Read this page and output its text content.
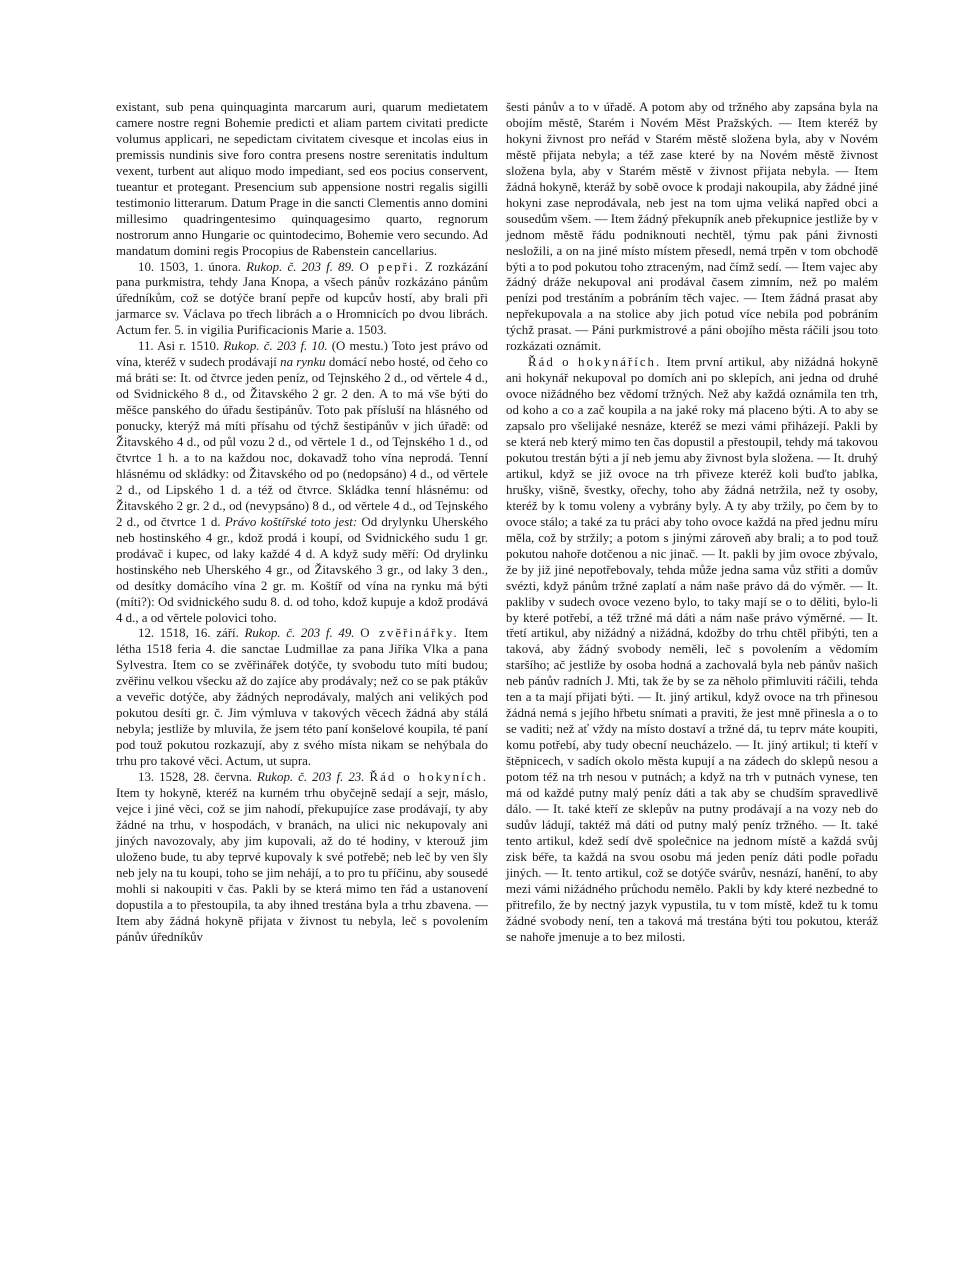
existant, sub pena quinquaginta marcarum auri, quarum medietatem camere nostre regni Bohemie predicti et aliam partem civitati predicte volumus applicari, ne sepedictam civitatem civesque et incolas eius in premissis nundinis sive foro contra presens nostre serenitatis indultum vexent, turbent aut aliquo modo impediant, sed eos pocius conservent, tueantur et protegant. Presencium sub appensione nostri regalis sigilli testimonio litterarum. Datum Prage in die sancti Clementis anno domini millesimo quadringentesimo quinquagesimo quarto, regnorum nostrorum anno Hungarie oc quintodecimo, Bohemie vero secundo. Ad mandatum domini regis Procopius de Rabenstein cancellarius.

10. 1503, 1. února. Rukop. č. 203 f. 89. O pepři. Z rozkázání pana purkmistra, tehdy Jana Knopa, a všech pánův rozkázáno pánům úředníkům, což se dotýče braní pepře od kupcův hostí, aby brali při jarmarce sv. Václava po třech librách a o Hromnicích po dvou librách. Actum fer. 5. in vigilia Purificacionis Marie a. 1503.

11. Asi r. 1510. Rukop. č. 203 f. 10. (O mestu.) Toto jest právo od vína, kteréž v sudech prodávají na rynku domácí nebo hosté, od čeho co má bráti se: It. od čtvrce jeden peníz, od Tejnského 2 d., od věrtele 4 d., od Svidnického 8 d., od Žitavského 2 gr. 2 den. A to má vše býti do měšce panského do úřadu šestipánův. Toto pak přísluší na hlásného od ponucky, kterýž má míti přísahu od týchž šestipánův v jich úřadě: od Žitavského 4 d., od půl vozu 2 d., od věrtele 1 d., od Tejnského 1 d., od čtvrtce 1 h. a to na každou noc, dokavadž toho vína neprodá. Tenní hlásnému od skládky: od Žitavského od po (nedopsáno) 4 d., od věrtele 2 d., od Lipského 1 d. a též od čtvrce. Skládka tenní hlásnému: od Žitavského 2 gr. 2 d., od (nevypsáno) 8 d., od věrtele 4 d., od Tejnského 2 d., od čtvrtce 1 d. Právo koštířské toto jest: Od drylynku Uherského neb hostinského 4 gr., kdož prodá i koupí, od Svidnického sudu 1 gr. prodávač i kupec, od laky každé 4 d. A když sudy měří: Od drylinku hostinského neb Uherského 4 gr., od Žitavského 3 gr., od laky 3 den., od desítky domácího vína 2 gr. m. Koštíř od vína na rynku má býti (míti?): Od svidnického sudu 8. d. od toho, kdož kupuje a kdož prodává 4 d., a od věrtele polovici toho.

12. 1518, 16. září. Rukop. č. 203 f. 49. O zvěřinářky. Item létha 1518 feria 4. die sanctae Ludmillae za pana Jiříka Vlka a pana Sylvestra. Item co se zvěřinářek dotýče, ty svobodu tuto míti budou; zvěřinu velkou všecku až do zajíce aby prodávaly; než co se pak ptákův a veveřic dotýče, aby žádných neprodávaly, malých ani velikých pod pokutou desíti gr. č. Jim výmluva v takových věcech žádná aby stálá nebyla; jestliže by mluvila, že jsem této paní konšelové koupila, té paní pod touž pokutou rozkazují, aby z svého místa nikam se nehýbala do trhu pro takové věci. Actum, ut supra.

13. 1528, 28. června. Rukop. č. 203 f. 23. Řád o hokyních. Item ty hokyně, kteréž na kurném trhu obyčejně sedají a sejr, máslo, vejce i jiné věci, což se jim nahodí, překupujíce zase prodávají, ty aby žádné na trhu, v hospodách, v branách, na ulici nic nekupovaly ani jiných navozovaly, aby jim kupovali, až do té hodiny, v kterouž jim uloženo bude, tu aby teprvé kupovaly k své potřebě; neb leč by ven šly neb jely na tu koupi, toho se jim nehájí, a to pro tu příčinu, aby sousedé mohli si nakoupiti v čas. Pakli by se která mimo ten řád a ustanovení dopustila a to přestoupila, ta aby ihned trestána byla a trhu zbavena. — Item aby žádná hokyně přijata v živnost tu nebyla, leč s povolením pánův úředníkův

šesti pánův a to v úřadě. A potom aby od tržného aby zapsána byla na obojím městě, Starém i Novém Měst Pražských. — Item kteréž by hokyni živnost pro neřád v Starém městě složena byla, aby v Novém městě přijata nebyla; a též zase které by na Novém městě živnost složena byla, aby v Starém městě v živnost přijata nebyla. — Item žádná hokyně, kteráž by sobě ovoce k prodaji nakoupila, aby žádné jiné hokyni zase neprodávala, neb jest na tom ujma veliká napřed obci a sousedům všem. — Item žádný překupník aneb překupnice jestliže by v jednom městě řádu podniknouti nechtěl, týmu pak páni živnosti nesložili, a on na jiné místo místem přesedl, nemá trpěn v tom obchodě býti a to pod pokutou toho ztraceným, nad čímž sedí. — Item vajec aby žádný dráže nekupoval ani prodával časem zimním, než po malém penízi pod trestáním a pobráním těch vajec. — Item žádná prasat aby nepřekupovala a na stolice aby jich potud více nebila pod pobráním týchž prasat. — Páni purkmistrové a páni obojího města ráčili jsou toto rozkázati oznámit.

Řád o hokynářích. Item první artikul, aby nižádná hokyně ani hokynář nekupoval po domích ani po sklepích, ani jedna od druhé ovoce nižádného bez vědomí tržných. Než aby každá oznámila ten trh, od koho a co a zač koupila a na jaké roky má placeno býti. A to aby se zapsalo pro všelijaké nesnáze, kteréž se mezi vámi přiházejí. Pakli by se která neb který mimo ten čas dopustil a přestoupil, tehdy má takovou pokutou trestán býti a jí neb jemu aby živnost byla složena. — It. druhý artikul, když se již ovoce na trh přiveze kteréž koli buďto jablka, hrušky, višně, švestky, ořechy, toho aby žádná netržila, než ty osoby, kteréž by k tomu voleny a vybrány byly. A ty aby tržily, po čem by to ovoce stálo; a také za tu práci aby toho ovoce každá na před jednu míru měla, což by stržily; a potom s jinými zároveň aby brali; a to pod touž pokutou nahoře dotčenou a nic jinač. — It. pakli by jim ovoce zbývalo, že by již jiné nepotřebovaly, tehda může jedna sama vůz střiti a domův svézti, když pánům tržné zaplatí a nám naše právo dá do výměr. — It. pakliby v sudech ovoce vezeno bylo, to taky mají se o to děliti, bylo-li by které potřebí, a též tržné má dáti a nám naše právo výměrné. — It. třetí artikul, aby nižádný a nižádná, kdožby do trhu chtěl přibýti, ten a taková, aby žádný svobody neměli, leč s povolením a vědomím staršího; ač jestliže by osoba hodná a zachovalá byla neb pánův našich neb pánův radních J. Mti, tak že by se za něholo přimluviti ráčili, tehda ten a ta mají přijati býti. — It. jiný artikul, když ovoce na trh přinesou žádná nemá s jejího hřbetu snímati a praviti, že jest mně přinesla a o to se vaditi; než ať vždy na místo dostaví a tržné dá, tu teprv máte koupiti, komu potřebí, aby tudy obecní neucházelo. — It. jiný artikul; ti kteří v štěpnicech, v sadích okolo města kupují a na zádech do sklepů nesou a potom též na trh nesou v putnách; a když na trh v putnách vynese, ten má od každé putny malý peníz dáti a tak aby se chudším spravedlivě dálo. — It. také kteří ze sklepův na putny prodávají a na vozy neb do sudův ládují, taktéž má dáti od putny malý peníz tržného. — It. také tento artikul, kdež sedí dvě společnice na jednom místě a každá svůj zisk béře, ta každá na svou osobu má jeden peníz dáti podle pořadu jiných. — It. tento artikul, což se dotýče svárův, nesnází, hanění, to aby mezi vámi nižádného průchodu nemělo. Pakli by kdy které nezbedné to přitrefilo, že by nectný jazyk vypustila, tu v tom místě, kdež tu k tomu žádné svobody není, ten a taková má trestána býti tou pokutou, kteráž se nahoře jmenuje a to bez milosti.
